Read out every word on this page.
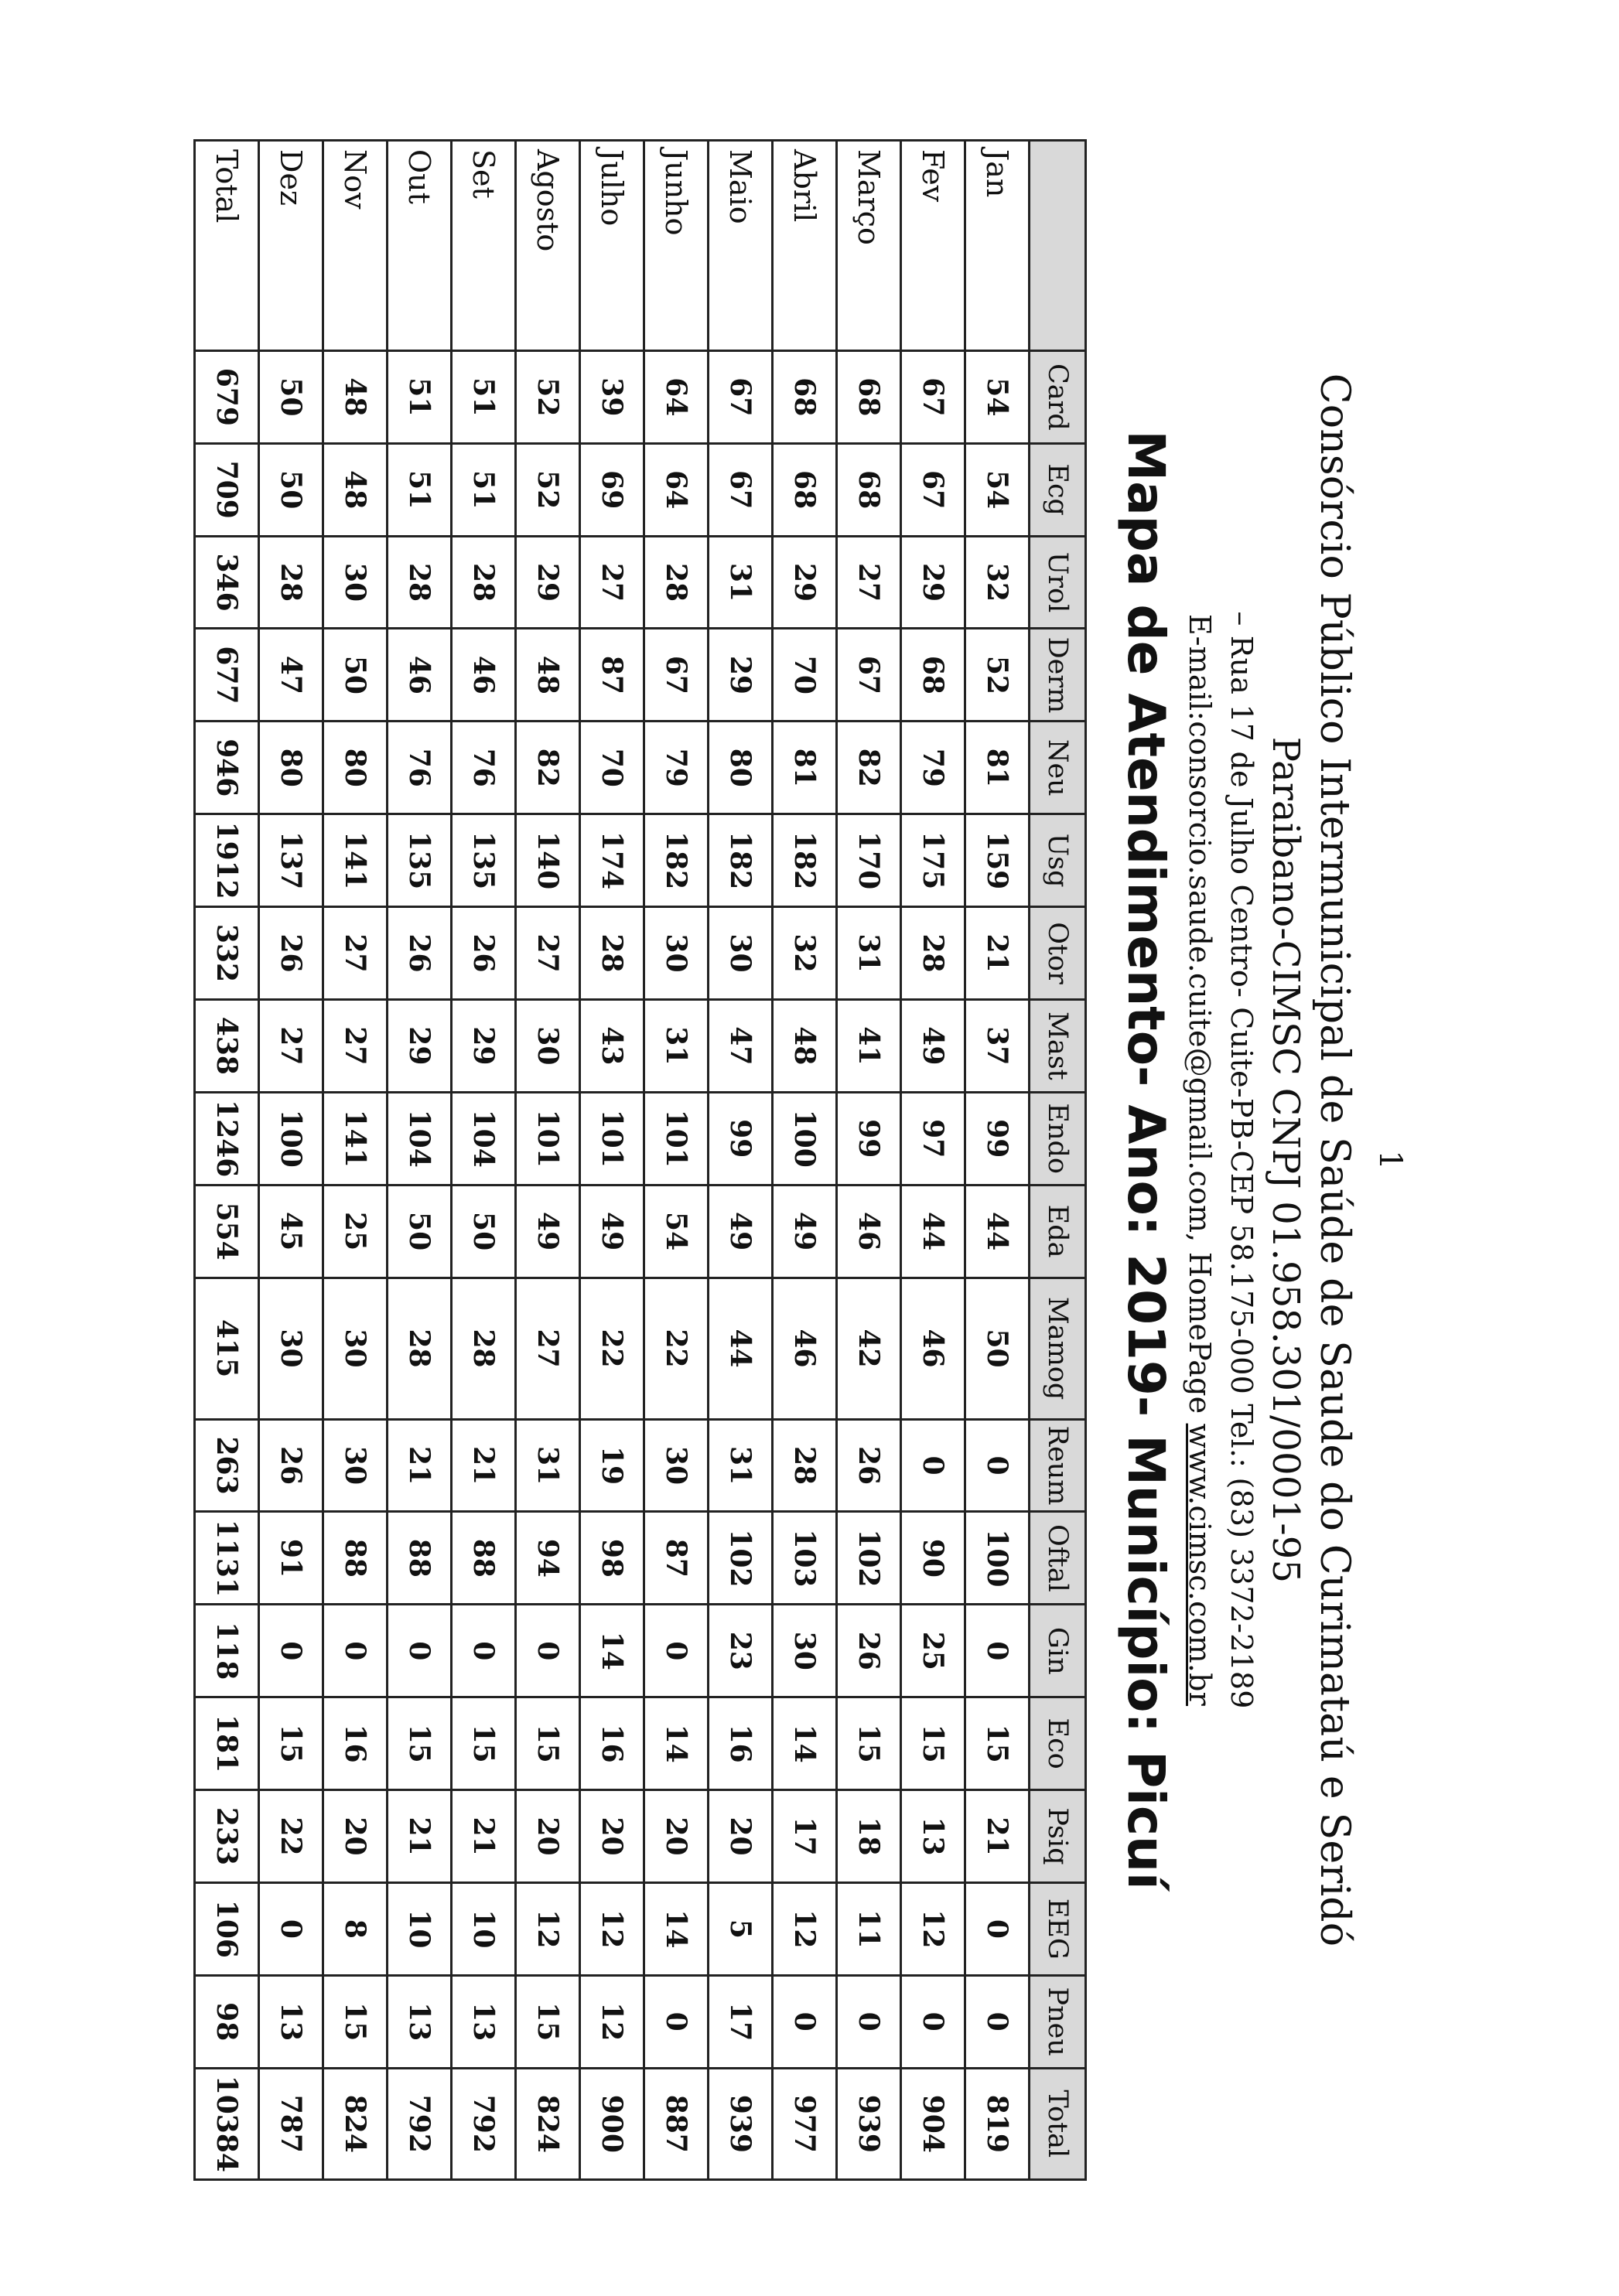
1
Consórcio Público Intermunicipal de Saúde de Saude do Curimataú e Seridó
Paraibano-CIMSC CNPJ 01.958.301/0001-95
– Rua 17 de Julho Centro- Cuite-PB-CEP 58.175-000 Tel.: (83) 3372-2189
E-mail:consorcio.saude.cuite@gmail.com, HomePage www.cimsc.com.br
Mapa de Atendimento- Ano: 2019- Município: Picuí
	Card	Ecg	Urol	Derm	Neu	Usg	Otor	Mast	Endo	Eda	Mamog	Reum	Oftal	Gin	Eco	Psiq	EEG	Pneu	Total
Jan	54	54	32	52	81	159	21	37	99	44	50	0	100	0	15	21	0	0	819
Fev	67	67	29	68	79	175	28	49	97	44	46	0	90	25	15	13	12	0	904
Março	68	68	27	67	82	170	31	41	99	46	42	26	102	26	15	18	11	0	939
Abril	68	68	29	70	81	182	32	48	100	49	46	28	103	30	14	17	12	0	977
Maio	67	67	31	29	80	182	30	47	99	49	44	31	102	23	16	20	5	17	939
Junho	64	64	28	67	79	182	30	31	101	54	22	30	87	0	14	20	14	0	887
Julho	39	69	27	87	70	174	28	43	101	49	22	19	98	14	16	20	12	12	900
Agosto	52	52	29	48	82	140	27	30	101	49	27	31	94	0	15	20	12	15	824
Set	51	51	28	46	76	135	26	29	104	50	28	21	88	0	15	21	10	13	792
Out	51	51	28	46	76	135	26	29	104	50	28	21	88	0	15	21	10	13	792
Nov	48	48	30	50	80	141	27	27	141	25	30	30	88	0	16	20	8	15	824
Dez	50	50	28	47	80	137	26	27	100	45	30	26	91	0	15	22	0	13	787
Total	679	709	346	677	946	1912	332	438	1246	554	415	263	1131	118	181	233	106	98	10384
